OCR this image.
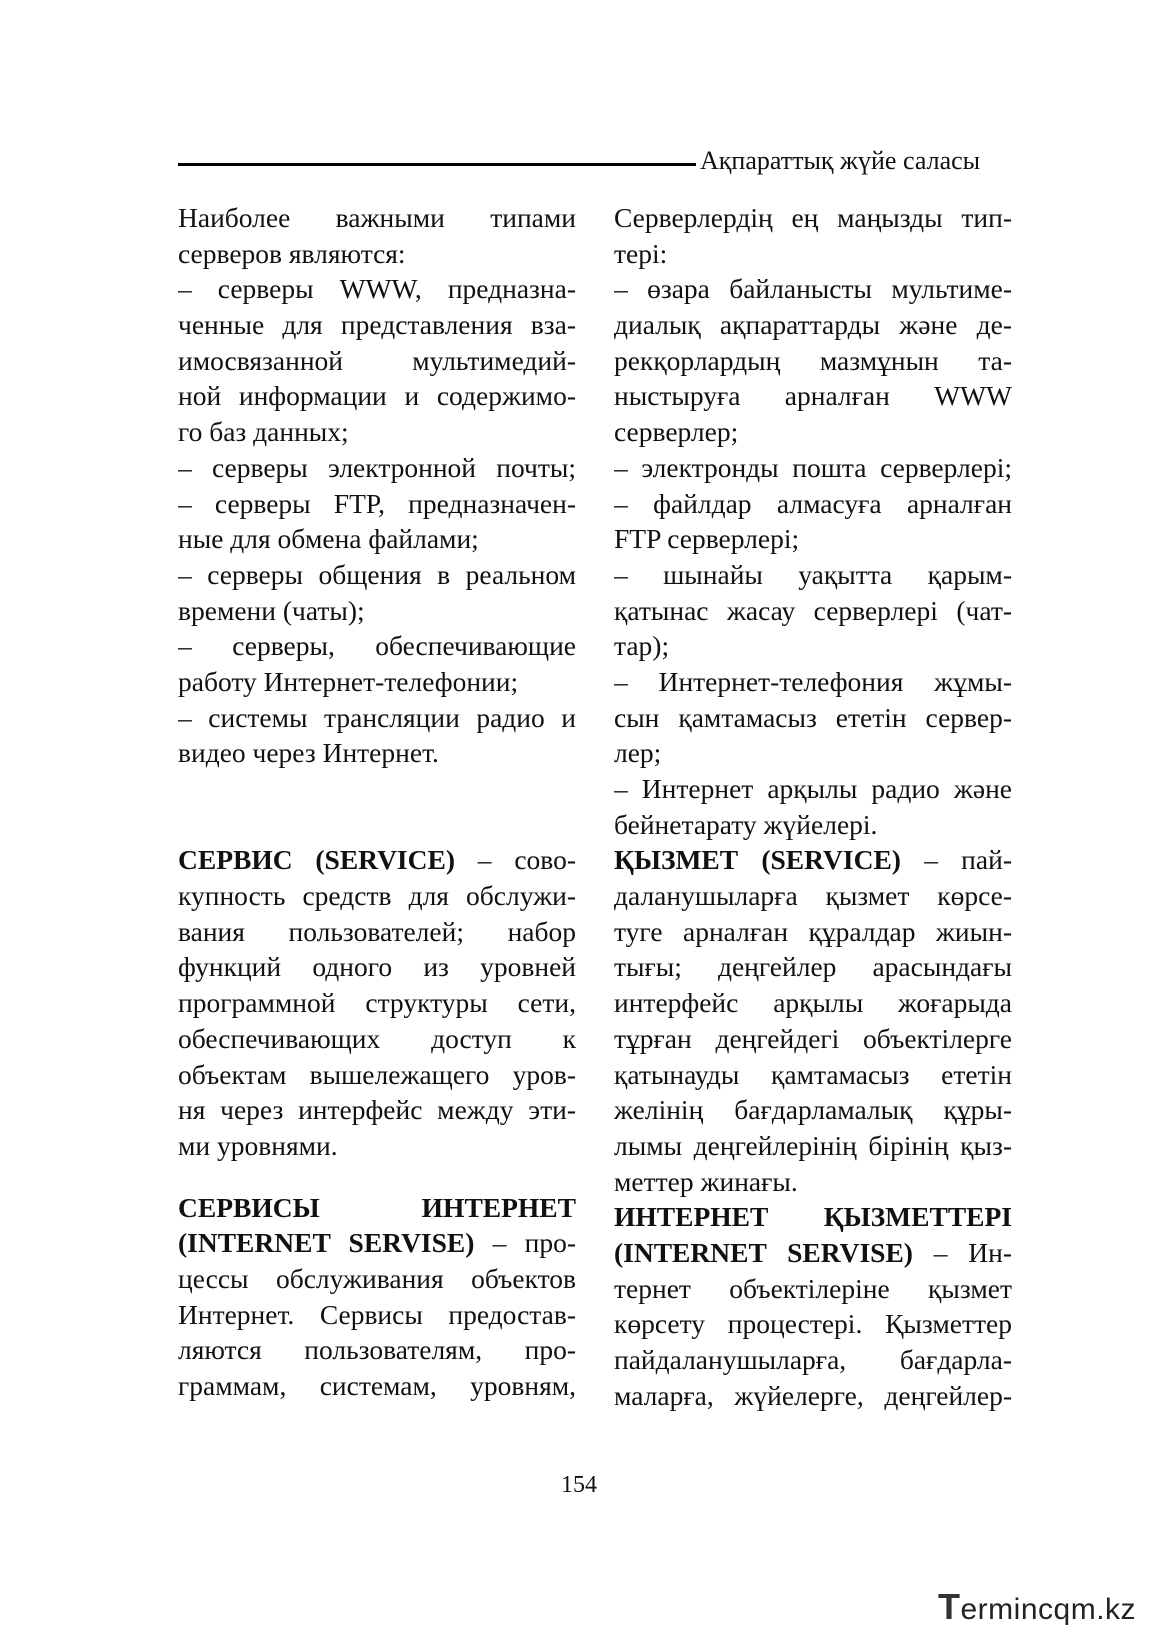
Ақпараттық жүйе саласы
Наиболее важными типами
серверов являются:
– серверы WWW, предназна-
ченные для представления вза-
имосвязанной мультимедий-
ной информации и содержимо-
го баз данных;
– серверы электронной почты;
– серверы FTP, предназначен-
ные для обмена файлами;
– серверы общения в реальном
времени (чаты);
– серверы, обеспечивающие
работу Интернет-телефонии;
– системы трансляции радио и
видео через Интернет.
СЕРВИС (SERVICE) – сово-
купность средств для обслужи-
вания пользователей; набор
функций одного из уровней
программной структуры сети,
обеспечивающих доступ к
объектам вышележащего уров-
ня через интерфейс между эти-
ми уровнями.
СЕРВИСЫ ИНТЕРНЕТ
(INTERNET SERVISE) – про-
цессы обслуживания объектов
Интернет. Сервисы предостав-
ляются пользователям, про-
граммам, системам, уровням,
Серверлердің ең маңызды тип-
тері:
– өзара байланысты мультиме-
диалық ақпараттарды және де-
рекқорлардың мазмұнын та-
ныстыруға арналған WWW
серверлер;
– электронды пошта серверлері;
– файлдар алмасуға арналған
FTP серверлері;
– шынайы уақытта қарым-
қатынас жасау серверлері (чат-
тар);
– Интернет-телефония жұмы-
сын қамтамасыз ететін сервер-
лер;
– Интернет арқылы радио және
бейнетарату жүйелері.
ҚЫЗМЕТ (SERVICE) – пай-
даланушыларға қызмет көрсе-
туге арналған құралдар жиын-
тығы; деңгейлер арасындағы
интерфейс арқылы жоғарыда
тұрған деңгейдегі объектілерге
қатынауды қамтамасыз ететін
желінің бағдарламалық құры-
лымы деңгейлерінің бірінің қыз-
меттер жинағы.
ИНТЕРНЕТ ҚЫЗМЕТТЕРІ
(INTERNET SERVISE) – Ин-
тернет объектілеріне қызмет
көрсету процестері. Қызметтер
пайдаланушыларға, бағдарла-
маларға, жүйелерге, деңгейлер-
154
Termincqm.kz
